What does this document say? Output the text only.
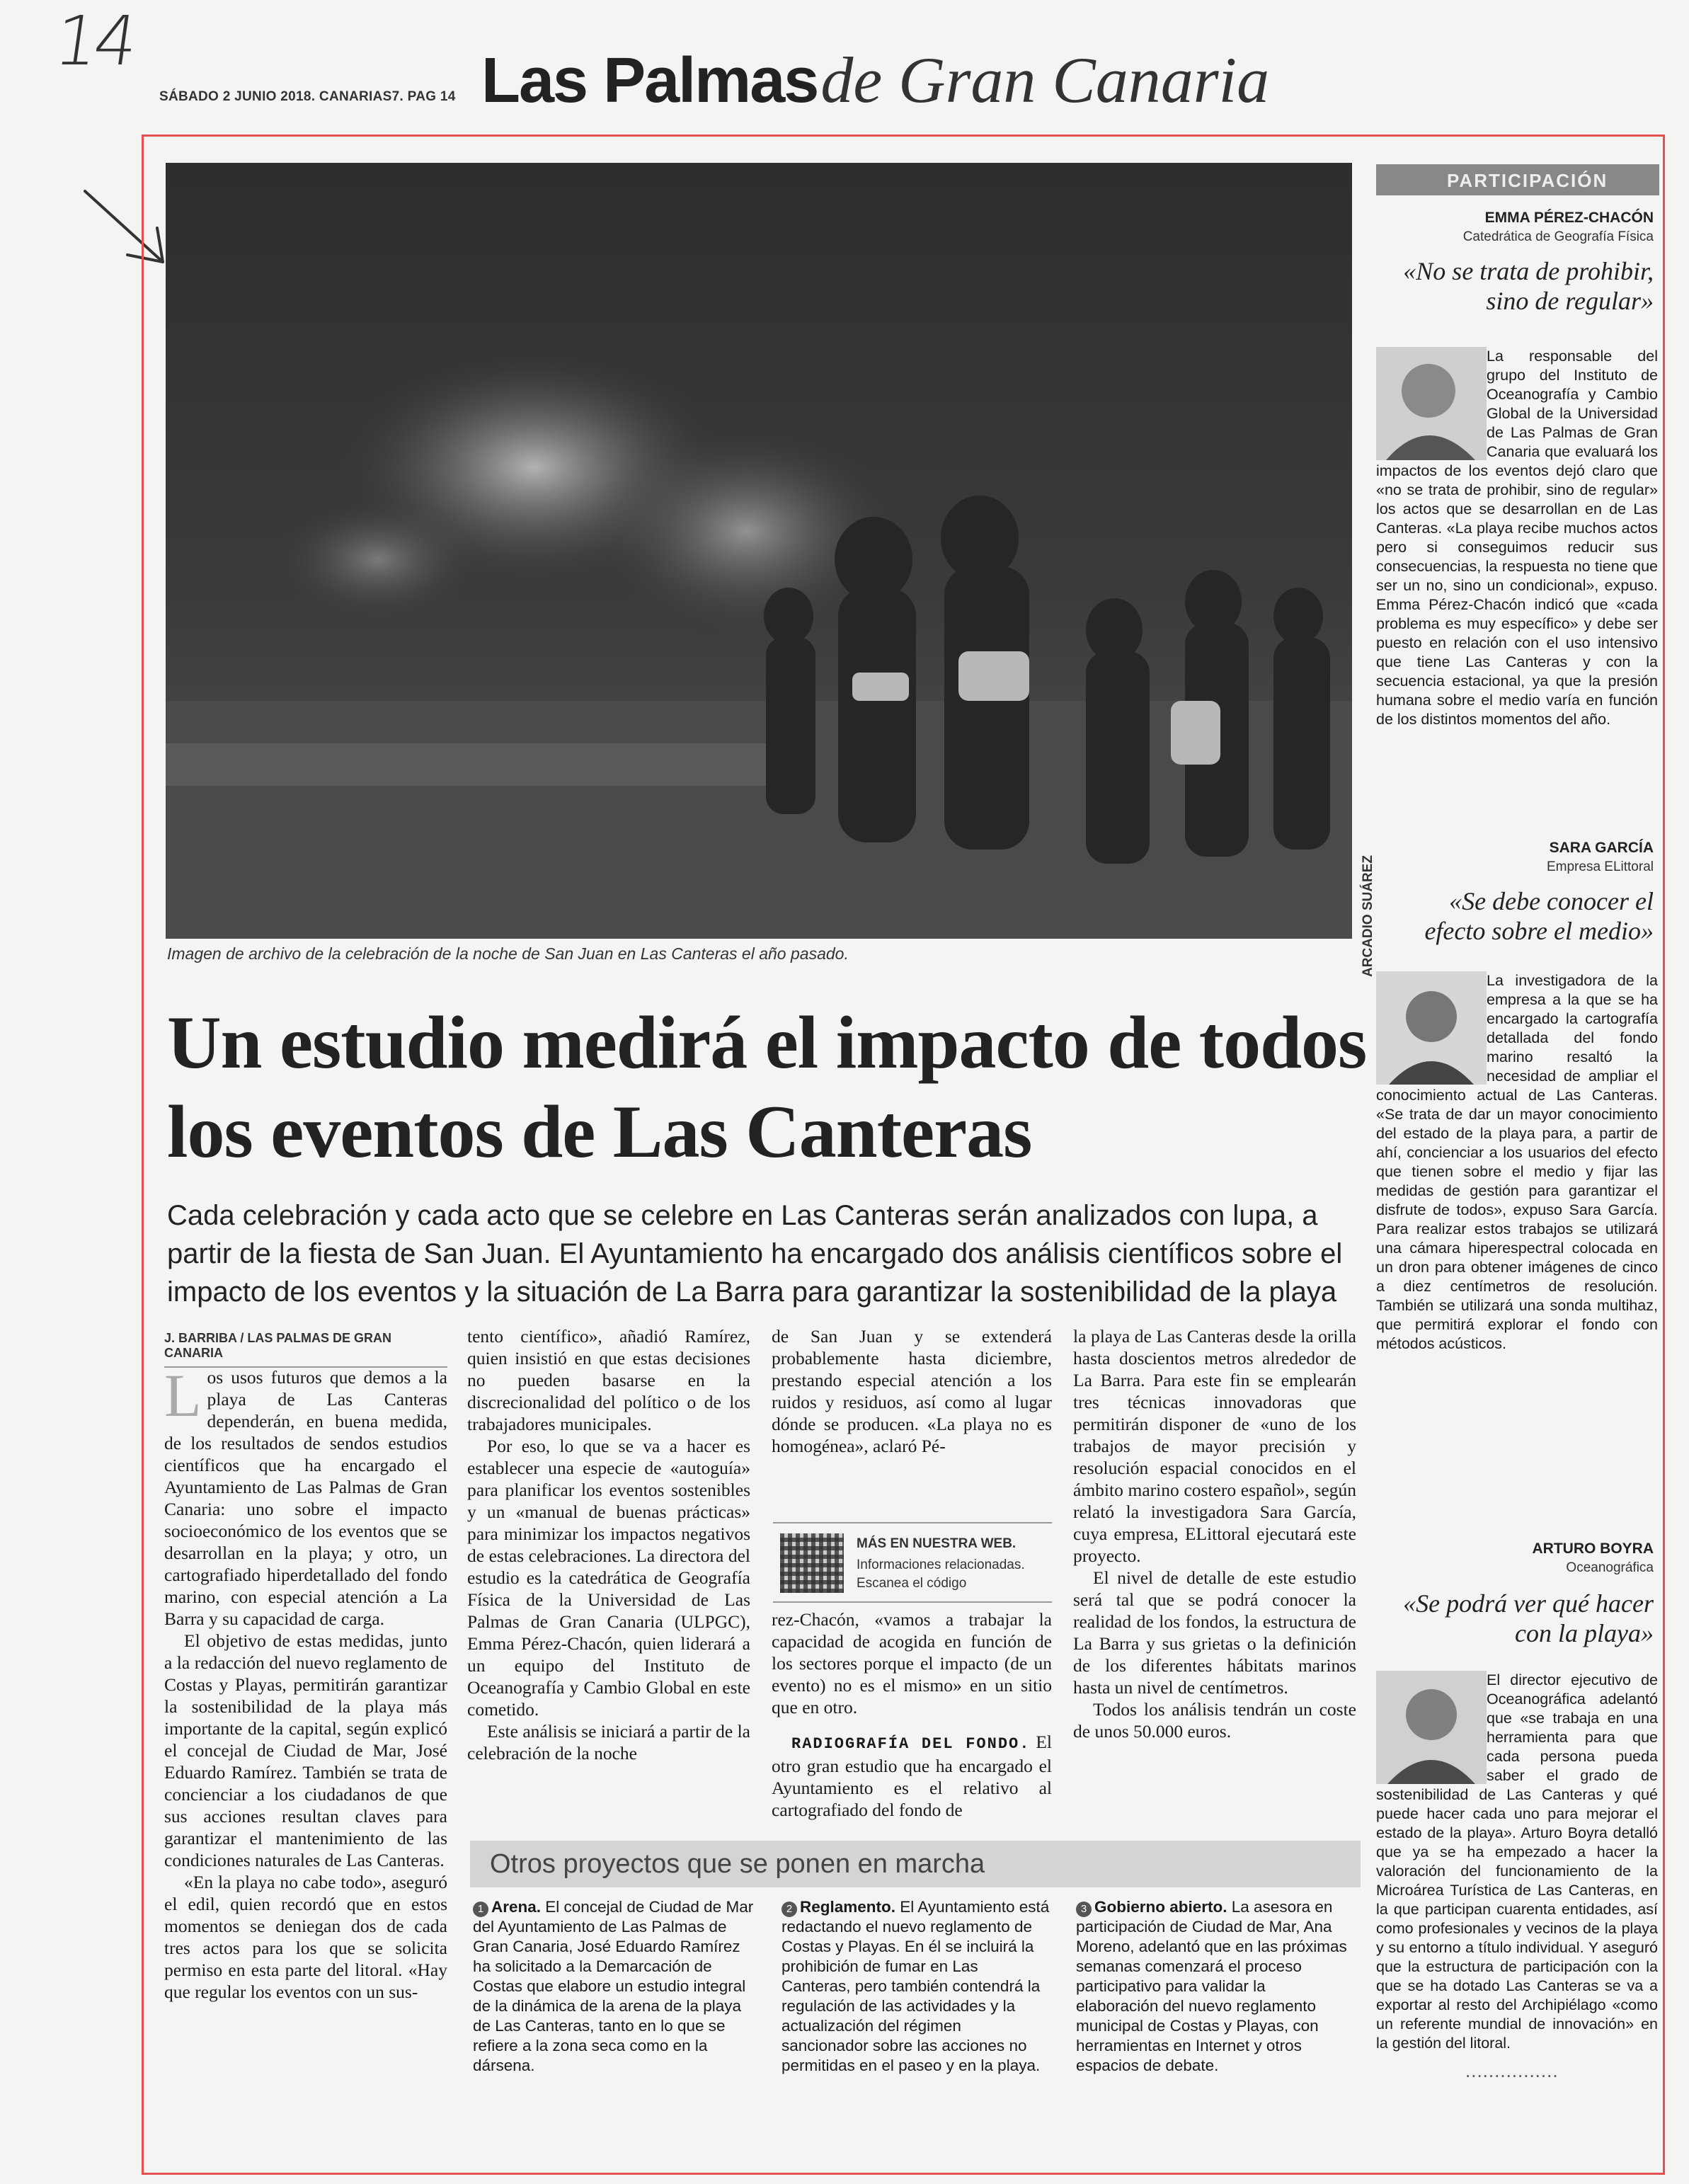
14
SÁBADO 2 JUNIO 2018. CANARIAS7. PAG 14 Las Palmas de Gran Canaria
ARCADIO SUÁREZ
Imagen de archivo de la celebración de la noche de San Juan en Las Canteras el año pasado.
Un estudio medirá el impacto de todos los eventos de Las Canteras
Cada celebración y cada acto que se celebre en Las Canteras serán analizados con lupa, a partir de la fiesta de San Juan. El Ayuntamiento ha encargado dos análisis científicos sobre el impacto de los eventos y la situación de La Barra para garantizar la sostenibilidad de la playa
J. BARRIBA / LAS PALMAS DE GRAN CANARIA

Los usos futuros que demos a la playa de Las Canteras dependerán, en buena medida, de los resultados de sendos estudios científicos que ha encargado el Ayuntamiento de Las Palmas de Gran Canaria: uno sobre el impacto socioeconómico de los eventos que se desarrollan en la playa; y otro, un cartografiado hiperdetallado del fondo marino, con especial atención a La Barra y su capacidad de carga.

El objetivo de estas medidas, junto a la redacción del nuevo reglamento de Costas y Playas, permitirán garantizar la sostenibilidad de la playa más importante de la capital, según explicó el concejal de Ciudad de Mar, José Eduardo Ramírez. También se trata de concienciar a los ciudadanos de que sus acciones resultan claves para garantizar el mantenimiento de las condiciones naturales de Las Canteras.

«En la playa no cabe todo», aseguró el edil, quien recordó que en estos momentos se deniegan dos de cada tres actos para los que se solicita permiso en esta parte del litoral. «Hay que regular los eventos con un sus-

tento científico», añadió Ramírez, quien insistió en que estas decisiones no pueden basarse en la discrecionalidad del político o de los trabajadores municipales.

Por eso, lo que se va a hacer es establecer una especie de «autoguía» para planificar los eventos sostenibles y un «manual de buenas prácticas» para minimizar los impactos negativos de estas celebraciones. La directora del estudio es la catedrática de Geografía Física de la Universidad de Las Palmas de Gran Canaria (ULPGC), Emma Pérez-Chacón, quien liderará a un equipo del Instituto de Oceanografía y Cambio Global en este cometido.

Este análisis se iniciará a partir de la celebración de la noche

de San Juan y se extenderá probablemente hasta diciembre, prestando especial atención a los ruidos y residuos, así como al lugar dónde se producen. «La playa no es homogénea», aclaró Pé-

MÁS EN NUESTRA WEB.
Informaciones relacionadas. Escanea el código

rez-Chacón, «vamos a trabajar la capacidad de acogida en función de los sectores porque el impacto (de un evento) no es el mismo» en un sitio que en otro.

RADIOGRAFÍA DEL FONDO. El otro gran estudio que ha encargado el Ayuntamiento es el relativo al cartografiado del fondo de

la playa de Las Canteras desde la orilla hasta doscientos metros alrededor de La Barra. Para este fin se emplearán tres técnicas innovadoras que permitirán disponer de «uno de los trabajos de mayor precisión y resolución espacial conocidos en el ámbito marino costero español», según relató la investigadora Sara García, cuya empresa, ELittoral ejecutará este proyecto.

El nivel de detalle de este estudio será tal que se podrá conocer la realidad de los fondos, la estructura de La Barra y sus grietas o la definición de los diferentes hábitats marinos hasta un nivel de centímetros.

Todos los análisis tendrán un coste de unos 50.000 euros.

Otros proyectos que se ponen en marcha
1 Arena. El concejal de Ciudad de Mar del Ayuntamiento de Las Palmas de Gran Canaria, José Eduardo Ramírez ha solicitado a la Demarcación de Costas que elabore un estudio integral de la dinámica de la arena de la playa de Las Canteras, tanto en lo que se refiere a la zona seca como en la dársena.
2 Reglamento. El Ayuntamiento está redactando el nuevo reglamento de Costas y Playas. En él se incluirá la prohibición de fumar en Las Canteras, pero también contendrá la regulación de las actividades y la actualización del régimen sancionador sobre las acciones no permitidas en el paseo y en la playa.
3 Gobierno abierto. La asesora en participación de Ciudad de Mar, Ana Moreno, adelantó que en las próximas semanas comenzará el proceso participativo para validar la elaboración del nuevo reglamento municipal de Costas y Playas, con herramientas en Internet y otros espacios de debate.
PARTICIPACIÓN
EMMA PÉREZ-CHACÓN
Catedrática de Geografía Física
«No se trata de prohibir, sino de regular»
La responsable del grupo del Instituto de Oceanografía y Cambio Global de la Universidad de Las Palmas de Gran Canaria que evaluará los impactos de los eventos dejó claro que «no se trata de prohibir, sino de regular» los actos que se desarrollan en de Las Canteras. «La playa recibe muchos actos pero si conseguimos reducir sus consecuencias, la respuesta no tiene que ser un no, sino un condicional», expuso. Emma Pérez-Chacón indicó que «cada problema es muy específico» y debe ser puesto en relación con el uso intensivo que tiene Las Canteras y con la secuencia estacional, ya que la presión humana sobre el medio varía en función de los distintos momentos del año.
SARA GARCÍA
Empresa ELittoral
«Se debe conocer el efecto sobre el medio»
La investigadora de la empresa a la que se ha encargado la cartografía detallada del fondo marino resaltó la necesidad de ampliar el conocimiento actual de Las Canteras. «Se trata de dar un mayor conocimiento del estado de la playa para, a partir de ahí, concienciar a los usuarios del efecto que tienen sobre el medio y fijar las medidas de gestión para garantizar el disfrute de todos», expuso Sara García. Para realizar estos trabajos se utilizará una cámara hiperespectral colocada en un dron para obtener imágenes de cinco a diez centímetros de resolución. También se utilizará una sonda multihaz, que permitirá explorar el fondo con métodos acústicos.
ARTURO BOYRA
Oceanográfica
«Se podrá ver qué hacer con la playa»
El director ejecutivo de Oceanográfica adelantó que «se trabaja en una herramienta para que cada persona pueda saber el grado de sostenibilidad de Las Canteras y qué puede hacer cada uno para mejorar el estado de la playa». Arturo Boyra detalló que ya se ha empezado a hacer la valoración del funcionamiento de la Microárea Turística de Las Canteras, en la que participan cuarenta entidades, así como profesionales y vecinos de la playa y su entorno a título individual. Y aseguró que la estructura de participación con la que se ha dotado Las Canteras se va a exportar al resto del Archipiélago «como un referente mundial de innovación» en la gestión del litoral.
................
